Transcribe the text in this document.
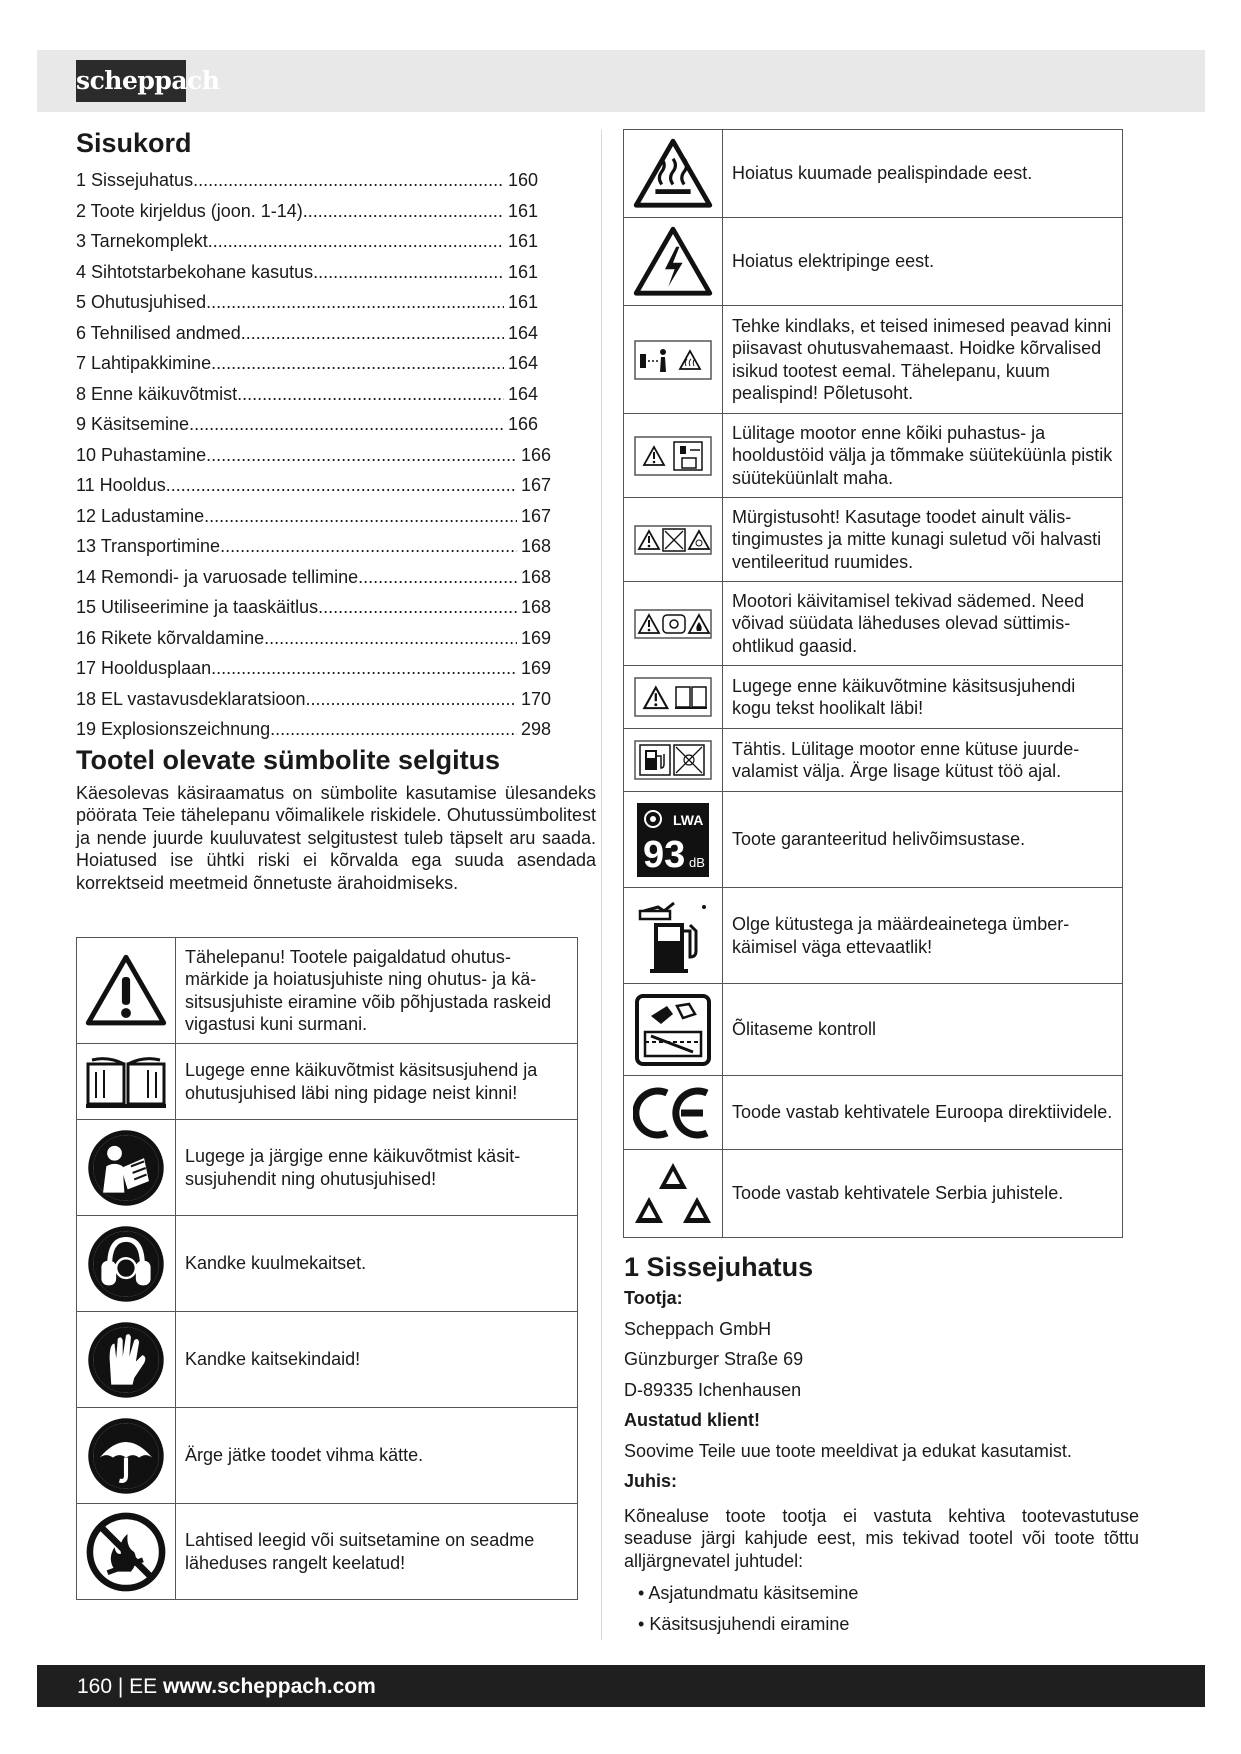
scheppach
Sisukord
1 Sissejuhatus .....	160
2 Toote kirjeldus (joon. 1-14) .....	161
3 Tarnekomplekt .....	161
4 Sihtotstarbekohane kasutus .....	161
5 Ohutusjuhised .....	161
6 Tehnilised andmed .....	164
7 Lahtipakkimine .....	164
8 Enne käikuvõtmist .....	164
9 Käsitsemine .....	166
10 Puhastamine .....	166
11 Hooldus .....	167
12 Ladustamine .....	167
13 Transportimine .....	168
14 Remondi- ja varuosade tellimine .....	168
15 Utiliseerimine ja taaskäitlus .....	168
16 Rikete kõrvaldamine .....	169
17 Hooldusplaan .....	169
18 EL vastavusdeklaratsioon .....	170
19 Explosionszeichnung .....	298
Tootel olevate sümbolite selgitus

Käesolevas käsiraamatus on sümbolite kasutamise ülesandeks pöörata Teie tähelepanu võimalikele riskidele. Ohutussümbolitest ja nende juurde kuuluvatest selgitustest tuleb täpselt aru saada. Hoiatused ise ühtki riski ei kõrvalda ega suuda asendada korrektseid meetmeid õnnetuste ärahoidmiseks.

	Tähelepanu! Tootele paigaldatud ohutusmärkide ja hoiatusjuhiste ning ohutus- ja käsitsusjuhiste eiramine võib põhjustada raskeid vigastusi kuni surmani.

	Lugege enne käikuvõtmist käsitsusjuhend ja ohutusjuhised läbi ning pidage neist kinni!

	Lugege ja järgige enne käikuvõtmist käsitsusjuhendit ning ohutusjuhised!

	Kandke kuulmekaitset.

	Kandke kaitsekindaid!

	Ärge jätke toodet vihma kätte.

	Lahtised leegid või suitsetamine on seadme läheduses rangelt keelatud!
	Hoiatus kuumade pealispindade eest.

	Hoiatus elektripinge eest.

	Tehke kindlaks, et teised inimesed peavad kinni piisavast ohutusvahemaast. Hoidke kõrvalised isikud tootest eemal. Tähelepanu, kuum pealispind! Põletusoht.

	Lülitage mootor enne kõiki puhastus- ja hooldustöid välja ja tõmmake süüteküünla pistik süüteküünlalt maha.

	Mürgistusoht! Kasutage toodet ainult välistingimustes ja mitte kunagi suletud või halvasti ventileeritud ruumides.

	Mootori käivitamisel tekivad sädemed. Need võivad süüdata läheduses olevad süttimisohtlikud gaasid.

	Lugege enne käikuvõtmine käsitsusjuhendi kogu tekst hoolikalt läbi!

	Tähtis. Lülitage mootor enne kütuse juurdevalamist välja. Ärge lisage kütust töö ajal.

LWA
93 dB	Toote garanteeritud helivõimsustase.

	Olge kütustega ja määrdeainetega ümberkäimisel väga ettevaatlik!

	Õlitaseme kontroll

	Toode vastab kehtivatele Euroopa direktiividele.

	Toode vastab kehtivatele Serbia juhistele.
1 Sissejuhatus

Tootja:

Scheppach GmbH

Günzburger Straße 69

D-89335 Ichenhausen

Austatud klient!

Soovime Teile uue toote meeldivat ja edukat kasutamist.

Juhis:

Kõnealuse toote tootja ei vastuta kehtiva tootevastutuse seaduse järgi kahjude eest, mis tekivad tootel või toote tõttu alljärgnevatel juhtudel:

• Asjatundmatu käsitsemine
• Käsitsusjuhendi eiramine
160 | EE www.scheppach.com
